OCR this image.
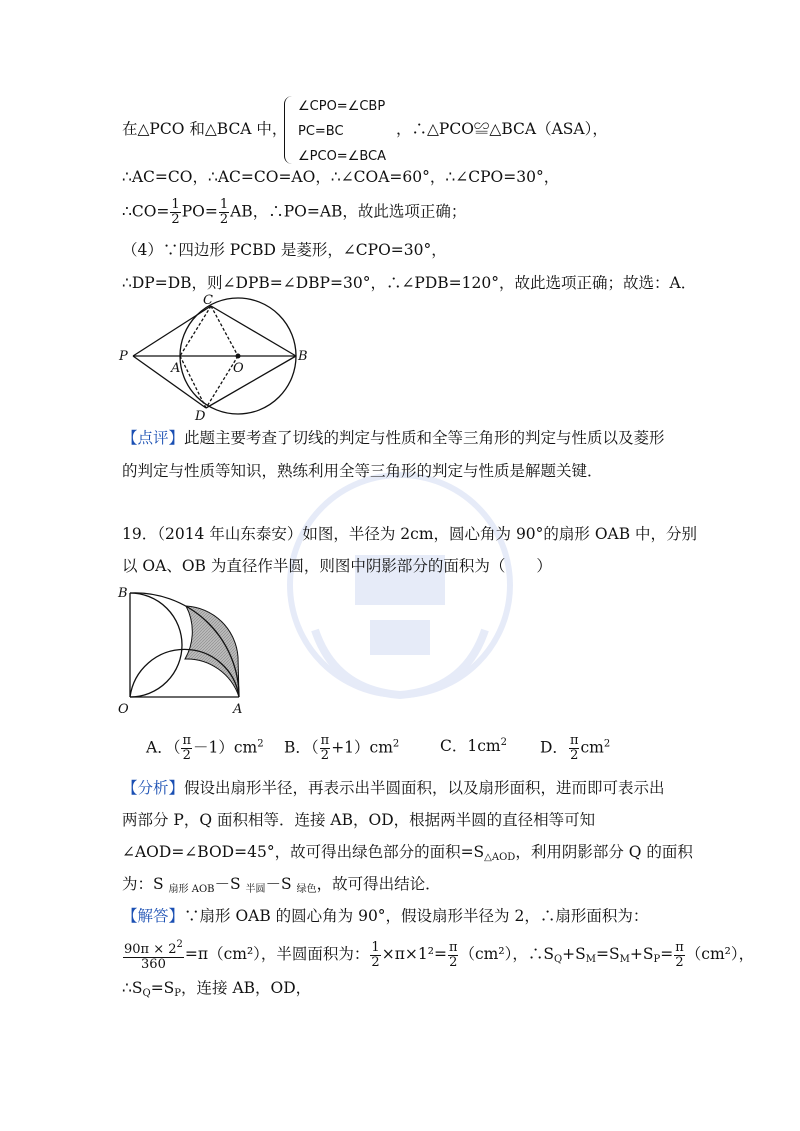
在△PCO 和△BCA 中，
∠CPO=∠CBP
PC=BC
∠PCO=∠BCA
，∴△PCO≌△BCA（ASA），
∴AC=CO，∴AC=CO=AO，∴∠COA=60°，∴∠CPO=30°，
∴CO= $\frac{1}{2} PO= \frac{1}{2}$ AB，∴PO=AB，故此选项正确；
（4）∵四边形 PCBD 是菱形，∠CPO=30°，
∴DP=DB，则∠DPB=∠DBP=30°，∴∠PDB=120°，故此选项正确；故选：A．
P
A	O
B
C
D
【点评】此题主要考查了切线的判定与性质和全等三角形的判定与性质以及菱形
的判定与性质等知识，熟练利用全等三角形的判定与性质是解题关键．
19．（2014 年山东泰安）如图，半径为 2cm，圆心角为 90°的扇形 OAB 中，分别
以 OA、OB 为直径作半圆，则图中阴影部分的面积为（　　）
B
O	A
A．（ $\frac{\pi}{2} -1)cm^2$ B．（ $\frac{\pi}{2} +1)cm^2$	C．$1cm^2$ D． $\frac{\pi}{2} cm^2$
【分析】假设出扇形半径，再表示出半圆面积，以及扇形面积，进而即可表示出
两部分 P，Q 面积相等．连接 AB，OD，根据两半圆的直径相等可知
∠AOD=∠BOD=45°，故可得出绿色部分的面积$=S_{\triangle AOD}$，利用阴影部分 Q 的面积
为：S $_{扇形 AOB}$－S $_{半圆}$－S $_{绿色}$，故可得出结论．
【解答】∵扇形 OAB 的圆心角为 90°，假设扇形半径为 2，∴扇形面积为：
$\frac{90\pi \times 2^2}{360} =\pi(cm^2)$，半圆面积为： $\frac{1}{2} \times\pi\times 1^2= \frac{\pi}{2} (cm^2)$，$\therefore S_Q+S_M=S_M+S_P= \frac{\pi}{2} (cm^2)$，
$\therefore S_Q=S_P$，连接 AB，OD，
